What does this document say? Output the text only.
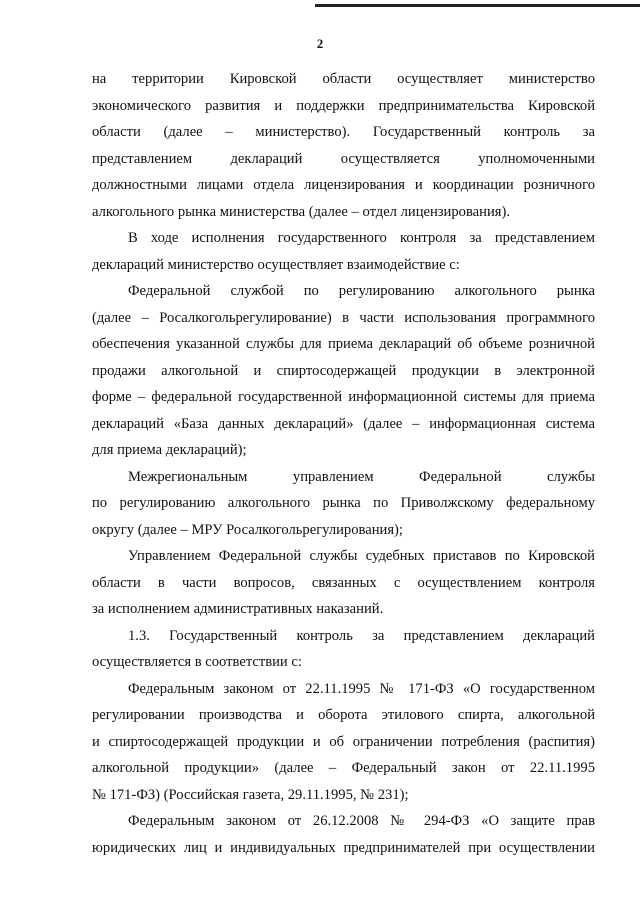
2
на территории Кировской области осуществляет министерство
экономического развития и поддержки предпринимательства Кировской
области (далее – министерство). Государственный контроль за
представлением деклараций осуществляется уполномоченными
должностными лицами отдела лицензирования и координации розничного
алкогольного рынка министерства (далее – отдел лицензирования).
В ходе исполнения государственного контроля за представлением
деклараций министерство осуществляет взаимодействие с:
Федеральной службой по регулированию алкогольного рынка
(далее – Росалкогольрегулирование) в части использования программного
обеспечения указанной службы для приема деклараций об объеме розничной
продажи алкогольной и спиртосодержащей продукции в электронной
форме – федеральной государственной информационной системы для приема
деклараций «База данных деклараций» (далее – информационная система
для приема деклараций);
Межрегиональным управлением Федеральной службы
по регулированию алкогольного рынка по Приволжскому федеральному
округу (далее – МРУ Росалкогольрегулирования);
Управлением Федеральной службы судебных приставов по Кировской
области в части вопросов, связанных с осуществлением контроля
за исполнением административных наказаний.
1.3. Государственный контроль за представлением деклараций
осуществляется в соответствии с:
Федеральным законом от 22.11.1995 № 171-ФЗ «О государственном
регулировании производства и оборота этилового спирта, алкогольной
и спиртосодержащей продукции и об ограничении потребления (распития)
алкогольной продукции» (далее – Федеральный закон от 22.11.1995
№ 171-ФЗ) (Российская газета, 29.11.1995, № 231);
Федеральным законом от 26.12.2008 № 294-ФЗ «О защите прав
юридических лиц и индивидуальных предпринимателей при осуществлении
